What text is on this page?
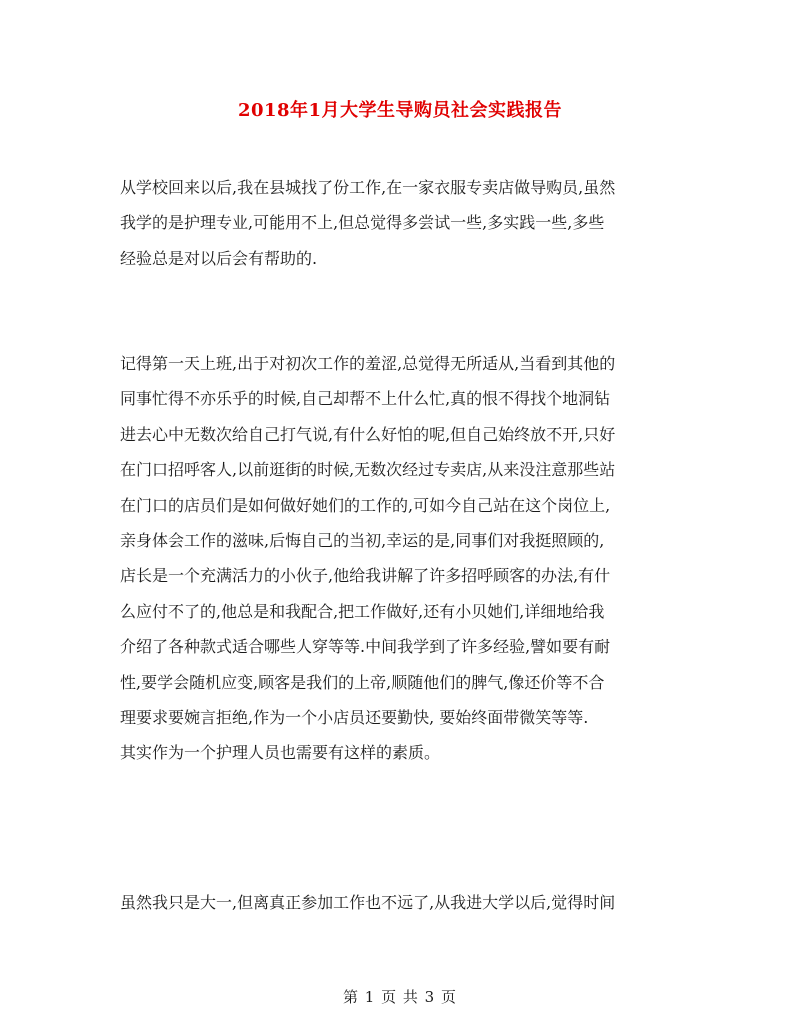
2018年1月大学生导购员社会实践报告
从学校回来以后,我在县城找了份工作,在一家衣服专卖店做导购员,虽然
我学的是护理专业,可能用不上,但总觉得多尝试一些,多实践一些,多些
经验总是对以后会有帮助的.
记得第一天上班,出于对初次工作的羞涩,总觉得无所适从,当看到其他的
同事忙得不亦乐乎的时候,自己却帮不上什么忙,真的恨不得找个地洞钻
进去心中无数次给自己打气说,有什么好怕的呢,但自己始终放不开,只好
在门口招呼客人,以前逛街的时候,无数次经过专卖店,从来没注意那些站
在门口的店员们是如何做好她们的工作的,可如今自己站在这个岗位上,
亲身体会工作的滋味,后悔自己的当初,幸运的是,同事们对我挺照顾的,
店长是一个充满活力的小伙子,他给我讲解了许多招呼顾客的办法,有什
么应付不了的,他总是和我配合,把工作做好,还有小贝她们,详细地给我
介绍了各种款式适合哪些人穿等等.中间我学到了许多经验,譬如要有耐
性,要学会随机应变,顾客是我们的上帝,顺随他们的脾气,像还价等不合
理要求要婉言拒绝,作为一个小店员还要勤快, 要始终面带微笑等等.
其实作为一个护理人员也需要有这样的素质。
虽然我只是大一,但离真正参加工作也不远了,从我进大学以后,觉得时间
第 1 页 共 3 页
